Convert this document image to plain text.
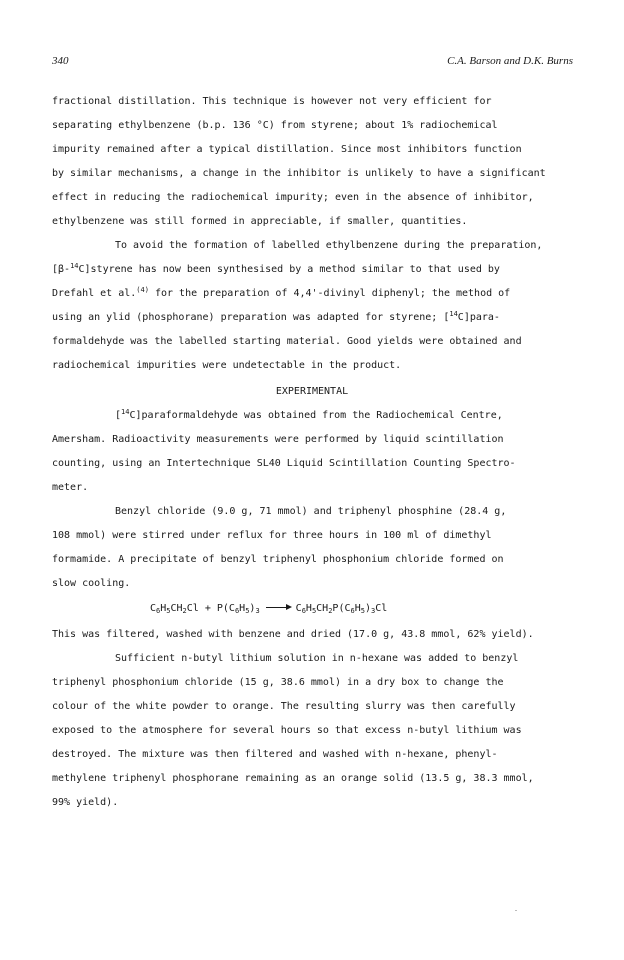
340	C.A. Barson and D.K. Burns
fractional distillation. This technique is however not very efficient for
separating ethylbenzene (b.p. 136 °C) from styrene; about 1% radiochemical
impurity remained after a typical distillation. Since most inhibitors function
by similar mechanisms, a change in the inhibitor is unlikely to have a significant
effect in reducing the radiochemical impurity; even in the absence of inhibitor,
ethylbenzene was still formed in appreciable, if smaller, quantities.
To avoid the formation of labelled ethylbenzene during the preparation,
[β-$^{14}$C]styrene has now been synthesised by a method similar to that used by
Drefahl et al.$^{(4)}$ for the preparation of 4,4'-divinyl diphenyl; the method of
using an ylid (phosphorane) preparation was adapted for styrene; [$^{14}$C]para-
formaldehyde was the labelled starting material. Good yields were obtained and
radiochemical impurities were undetectable in the product.
EXPERIMENTAL
[$^{14}$C]paraformaldehyde was obtained from the Radiochemical Centre,
Amersham. Radioactivity measurements were performed by liquid scintillation
counting, using an Intertechnique SL40 Liquid Scintillation Counting Spectro-
meter.
Benzyl chloride (9.0 g, 71 mmol) and triphenyl phosphine (28.4 g,
108 mmol) were stirred under reflux for three hours in 100 ml of dimethyl
formamide. A precipitate of benzyl triphenyl phosphonium chloride formed on
slow cooling.
$C_6H_5CH_2Cl + P(C_6H_5)_3 \to C_6H_5CH_2P(C_6H_5)_3Cl$
This was filtered, washed with benzene and dried (17.0 g, 43.8 mmol, 62% yield).
Sufficient n-butyl lithium solution in n-hexane was added to benzyl
triphenyl phosphonium chloride (15 g, 38.6 mmol) in a dry box to change the
colour of the white powder to orange. The resulting slurry was then carefully
exposed to the atmosphere for several hours so that excess n-butyl lithium was
destroyed. The mixture was then filtered and washed with n-hexane, phenyl-
methylene triphenyl phosphorane remaining as an orange solid (13.5 g, 38.3 mmol,
99% yield).
